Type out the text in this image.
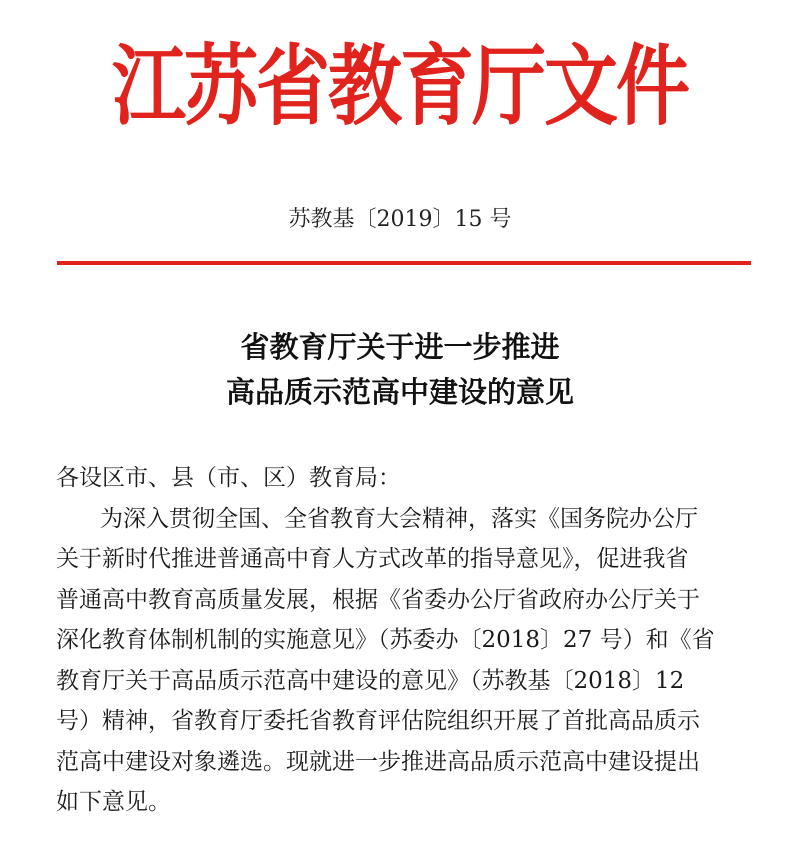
江苏省教育厅文件
苏教基〔2019〕15 号
省教育厅关于进一步推进
高品质示范高中建设的意见
各设区市、县（市、区）教育局：
为深入贯彻全国、全省教育大会精神，落实《国务院办公厅
关于新时代推进普通高中育人方式改革的指导意见》，促进我省
普通高中教育高质量发展，根据《省委办公厅省政府办公厅关于
深化教育体制机制的实施意见》（苏委办〔2018〕27 号）和《省
教育厅关于高品质示范高中建设的意见》（苏教基〔2018〕12
号）精神，省教育厅委托省教育评估院组织开展了首批高品质示
范高中建设对象遴选。现就进一步推进高品质示范高中建设提出
如下意见。
